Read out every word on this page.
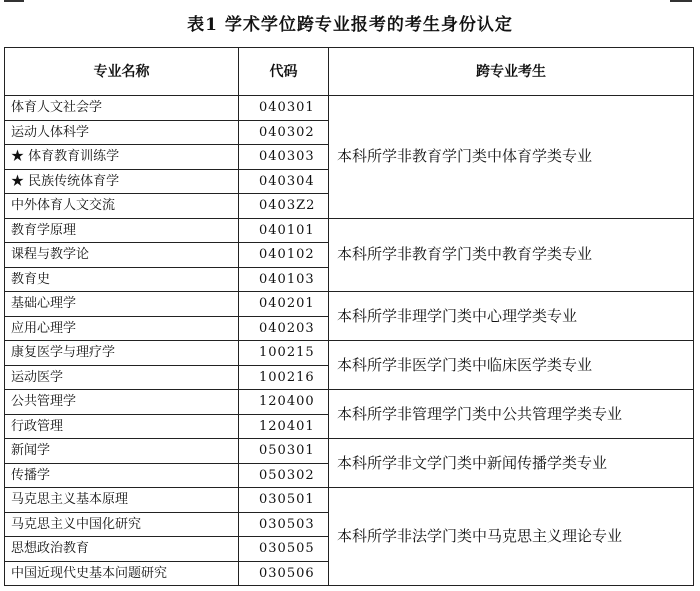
表1 学术学位跨专业报考的考生身份认定
专业名称	代码	跨专业考生
体育人文社会学	040301	本科所学非教育学门类中体育学类专业
运动人体科学	040302	
★ 体育教育训练学	040303	
★ 民族传统体育学	040304	
中外体育人文交流	0403Z2	
教育学原理	040101	本科所学非教育学门类中教育学类专业
课程与教学论	040102	
教育史	040103	
基础心理学	040201	本科所学非理学门类中心理学类专业
应用心理学	040203	
康复医学与理疗学	100215	本科所学非医学门类中临床医学类专业
运动医学	100216	
公共管理学	120400	本科所学非管理学门类中公共管理学类专业
行政管理	120401	
新闻学	050301	本科所学非文学门类中新闻传播学类专业
传播学	050302	
马克思主义基本原理	030501	本科所学非法学门类中马克思主义理论专业
马克思主义中国化研究	030503	
思想政治教育	030505	
中国近现代史基本问题研究	030506	
